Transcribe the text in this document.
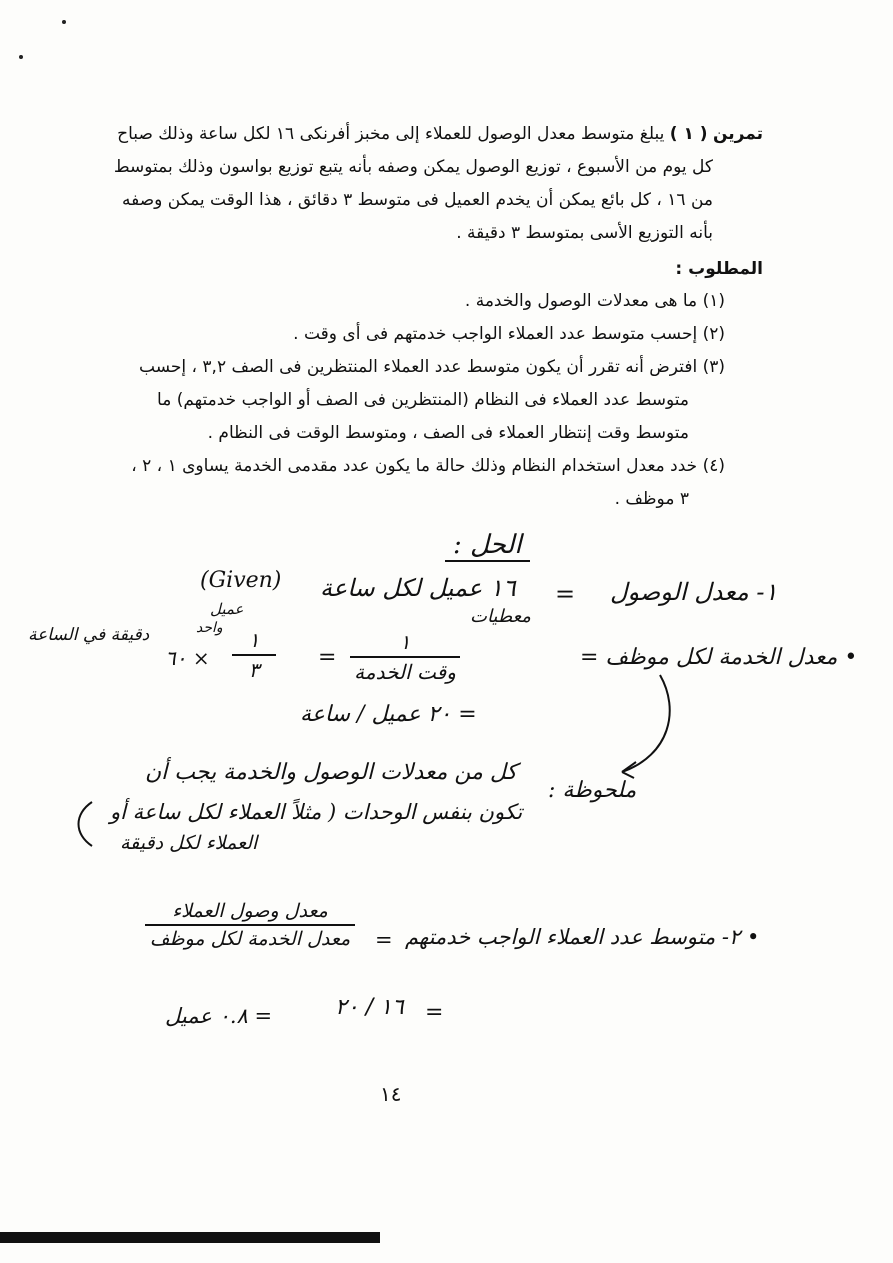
تمرين ( ١ ) يبلغ متوسط معدل الوصول للعملاء إلى مخبز أفرنكى ١٦ لكل ساعة وذلك صباح
كل يوم من الأسبوع ، توزيع الوصول يمكن وصفه بأنه يتبع توزيع بواسون وذلك بمتوسط
من ١٦ ، كل بائع يمكن أن يخدم العميل فى متوسط ٣ دقائق ، هذا الوقت يمكن وصفه
بأنه التوزيع الأسى بمتوسط ٣ دقيقة .
المطلوب :
(١) ما هى معدلات الوصول والخدمة .
(٢) إحسب متوسط عدد العملاء الواجب خدمتهم فى أى وقت .
(٣) افترض أنه تقرر أن يكون متوسط عدد العملاء المنتظرين فى الصف ٣,٢ ، إحسب
متوسط عدد العملاء فى النظام (المنتظرين فى الصف أو الواجب خدمتهم) ما
متوسط وقت إنتظار العملاء فى الصف ، ومتوسط الوقت فى النظام .
(٤) خدد معدل استخدام النظام وذلك حالة ما يكون عدد مقدمى الخدمة يساوى ١ ، ٢ ،
٣ موظف .
الحل :
١- معدل الوصول
=
١٦ عميل لكل ساعة
(Given)
معطيات
• معدل الخدمة لكل موظف =
١
وقت الخدمة
=
١
٣
× ٦٠
دقيقة في الساعة
عميل
واحد
= ٢٠ عميل / ساعة
ملحوظة :
كل من معدلات الوصول والخدمة يجب أن
تكون بنفس الوحدات ( مثلاً العملاء لكل ساعة أو
العملاء لكل دقيقة
• ٢- متوسط عدد العملاء الواجب خدمتهم
=
معدل وصول العملاء
معدل الخدمة لكل موظف
=
١٦ / ٢٠
= ٠.٨ عميل
١٤
